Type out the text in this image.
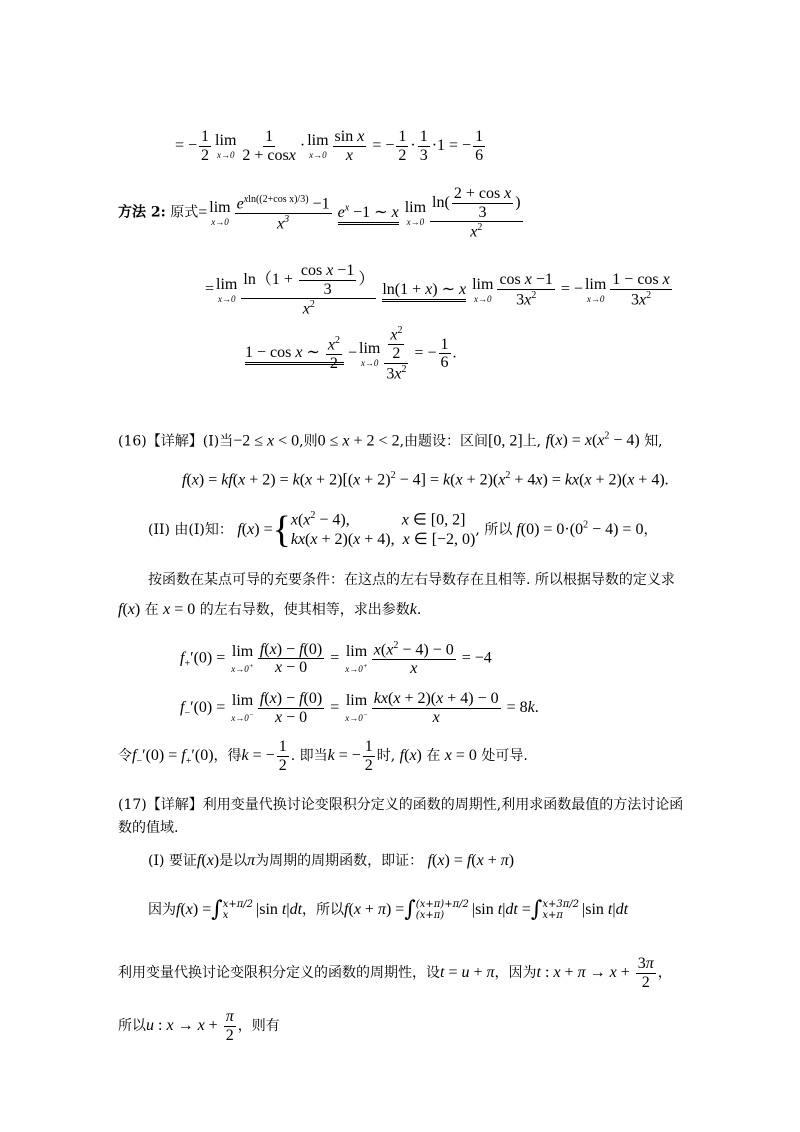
= − $\frac{1}{2}$ lim
$x\to 0 \frac{1}{2 + \cos x} \cdot \lim$
$x\to 0 \frac{\text{sin x}}{x}$ = − $\frac{1}{2} \cdot \frac{1}{3} \cdot 1$ = − $\frac{1}{6}$
方法 2: 原式= lim
$x\to 0 \frac{e^{xln((2+cos x)/3)} -1}{x^3} e^x -1$ ∼ x lim
$x\to 0 \frac{\ln( \frac{\text{2 + cos x}}{3} )}{x^2}$
= lim
$x\to 0 \frac{\ln(1 + \frac{\text{cos x −1}}{3} )}{x^2} \ln(1 + x)$ ∼ x lim
$x\to 0 \frac{\text{cos x −1}}{3x^2}$ = − lim
$x\to 0 \frac{\text{1 − cos x}}{3x^2}$
1 − cos x ∼ $\frac{x^2}{2} - \lim$
$x\to 0 \frac{\frac{x^2}{2}}{3x^2}$ = − $\frac{1}{6}$ .
(16)【详解】(I)当−2 ≤ x < 0,则0 ≤ x + 2 < 2,由题设：区间[0, 2]上, $f(x) = x(x^2 - 4)$ 知,
$f(x) = kf(x + 2) = k(x + 2)[(x + 2)^2 - 4] = k(x + 2)(x^2 + 4x) = kx(x + 2)(x + 4)$.
(II) 由(I)知： f(x) ={ $x(x^2 - 4)$,             x ∈ [0, 2]
kx(x + 2)(x + 4),  x ∈ [−2, 0)
, 所以 $f(0) = 0\cdot(0^2 - 4) = 0$，
按函数在某点可导的充要条件：在这点的左右导数存在且相等. 所以根据导数的定义求
f(x) 在 x = 0 的左右导数，使其相等，求出参数k.
$f_+'(0) = \lim$
$x\to 0^+ \frac{f(x) - f(0)}{x - 0} = \lim$
$x\to 0^+ \frac{x(x^2 - 4) - 0}{x} = -4$
$f_-'(0) = \lim$
$x\to 0^- \frac{f(x) - f(0)}{x - 0} = \lim$
$x\to 0^- \frac{kx(x + 2)(x + 4) - 0}{x} = 8k$.
令$f_-'(0) = f_+'(0)$，得k = − $\frac{1}{2}$ . 即当k = − $\frac{1}{2}$ 时, f(x) 在 x = 0 处可导.
(17)【详解】利用变量代换讨论变限积分定义的函数的周期性,利用求函数最值的方法讨论函
数的值域.
(I) 要证f(x)是以π为周期的周期函数，即证： f(x) = f(x + π)
因为f(x) =∫ x+π/2
x	|sin t|dt，所以f(x + π) =∫ (x+π)+π/2
(x+π)	|sin t|dt =∫ x+3π/2
x+π	|sin t|dt
利用变量代换讨论变限积分定义的函数的周期性，设t = u + π，因为t : $x + \pi \to x + \frac{3\pi}{2}$ ，
所以u : $x \to x + \frac{\pi}{2}$ ，则有
